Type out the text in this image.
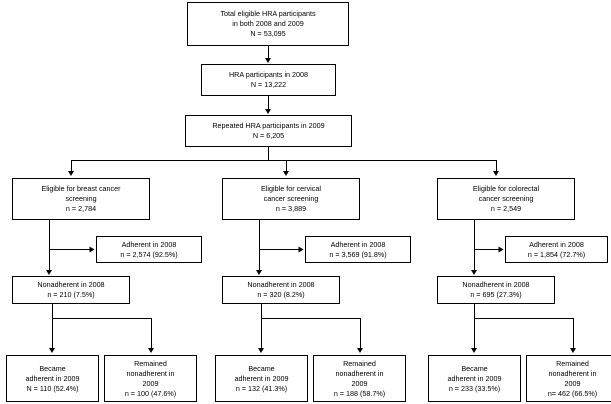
Total eligible HRA participants
in both 2008 and 2009
N = 53,095
HRA participants in 2008
N = 13,222
Repeated HRA participants in 2009
N = 6,205
Eligible for breast cancer
screening
n = 2,784
Eligible for cervical
cancer screening
n = 3,889
Eligible for colorectal
cancer screening
n = 2,549
Adherent in 2008
n = 2,574 (92.5%)
Adherent in 2008
n = 3,569 (91.8%)
Adherent in 2008
n = 1,854 (72.7%)
Nonadherent in 2008
n = 210 (7.5%)
Nonadherent in 2008
n = 320 (8.2%)
Nonadherent in 2008
n = 695 (27.3%)
Became
adherent in 2009
N = 110 (52.4%)
Remained
nonadherent in
2009
n = 100 (47.6%)
Became
adherent in 2009
n = 132 (41.3%)
Remained
nonadherent in
2009
n = 188 (58.7%)
Became
adherent in 2009
n = 233 (33.5%)
Remained
nonadherent in
2009
n= 462 (66.5%)
